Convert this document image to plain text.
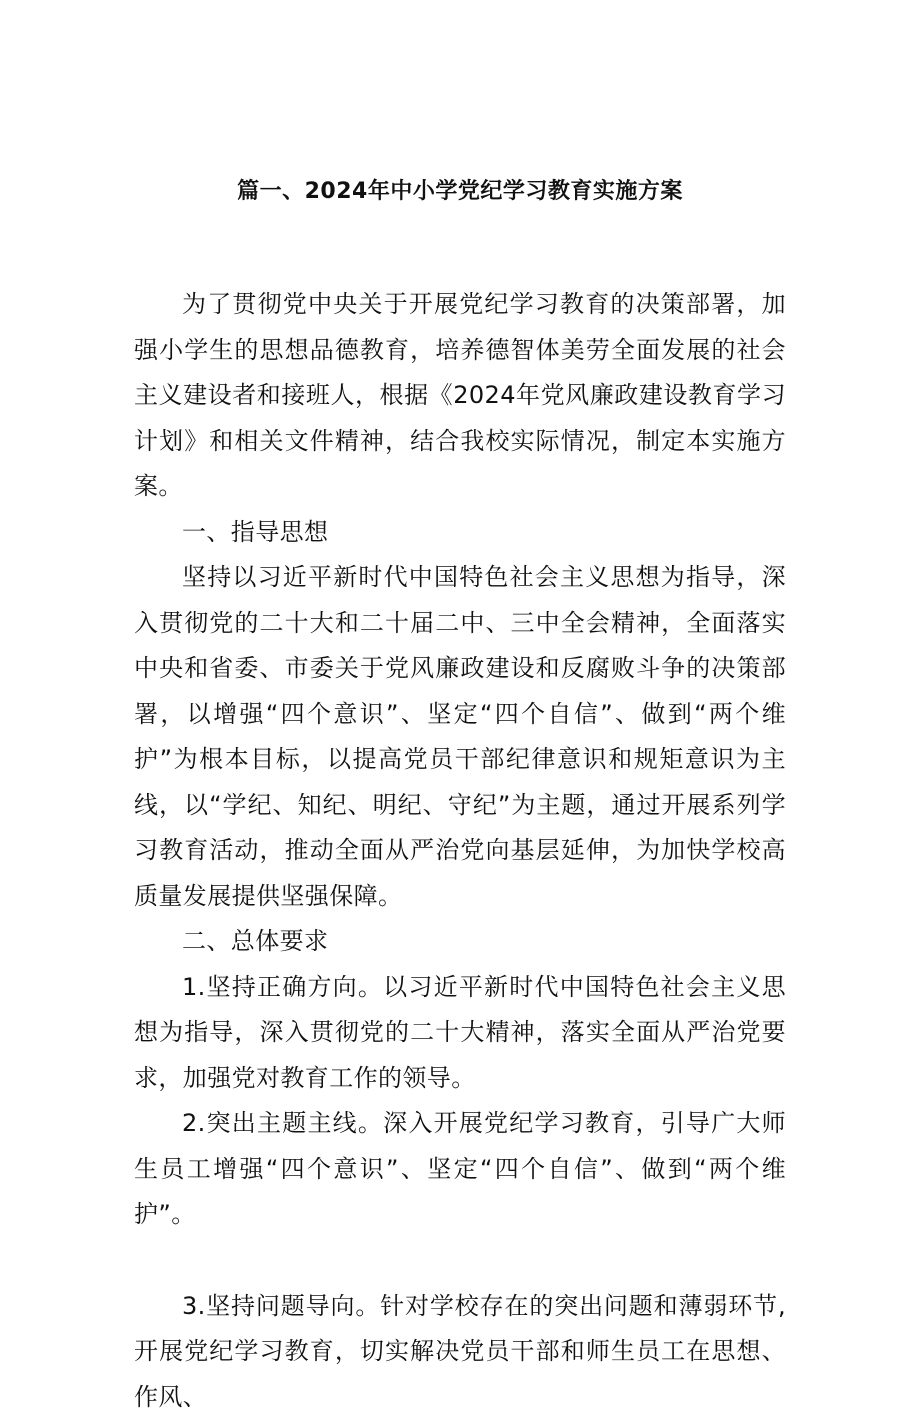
篇一、2024年中小学党纪学习教育实施方案

为了贯彻党中央关于开展党纪学习教育的决策部署，加强小学生的思想品德教育，培养德智体美劳全面发展的社会主义建设者和接班人，根据《2024年党风廉政建设教育学习计划》和相关文件精神，结合我校实际情况，制定本实施方案。

一、指导思想

坚持以习近平新时代中国特色社会主义思想为指导，深入贯彻党的二十大和二十届二中、三中全会精神，全面落实中央和省委、市委关于党风廉政建设和反腐败斗争的决策部署，以增强“四个意识”、坚定“四个自信”、做到“两个维护”为根本目标，以提高党员干部纪律意识和规矩意识为主线，以“学纪、知纪、明纪、守纪”为主题，通过开展系列学习教育活动，推动全面从严治党向基层延伸，为加快学校高质量发展提供坚强保障。

二、总体要求

1.坚持正确方向。以习近平新时代中国特色社会主义思想为指导，深入贯彻党的二十大精神，落实全面从严治党要求，加强党对教育工作的领导。

2.突出主题主线。深入开展党纪学习教育，引导广大师生员工增强“四个意识”、坚定“四个自信”、做到“两个维护”。

3.坚持问题导向。针对学校存在的突出问题和薄弱环节,开展党纪学习教育，切实解决党员干部和师生员工在思想、作风、
